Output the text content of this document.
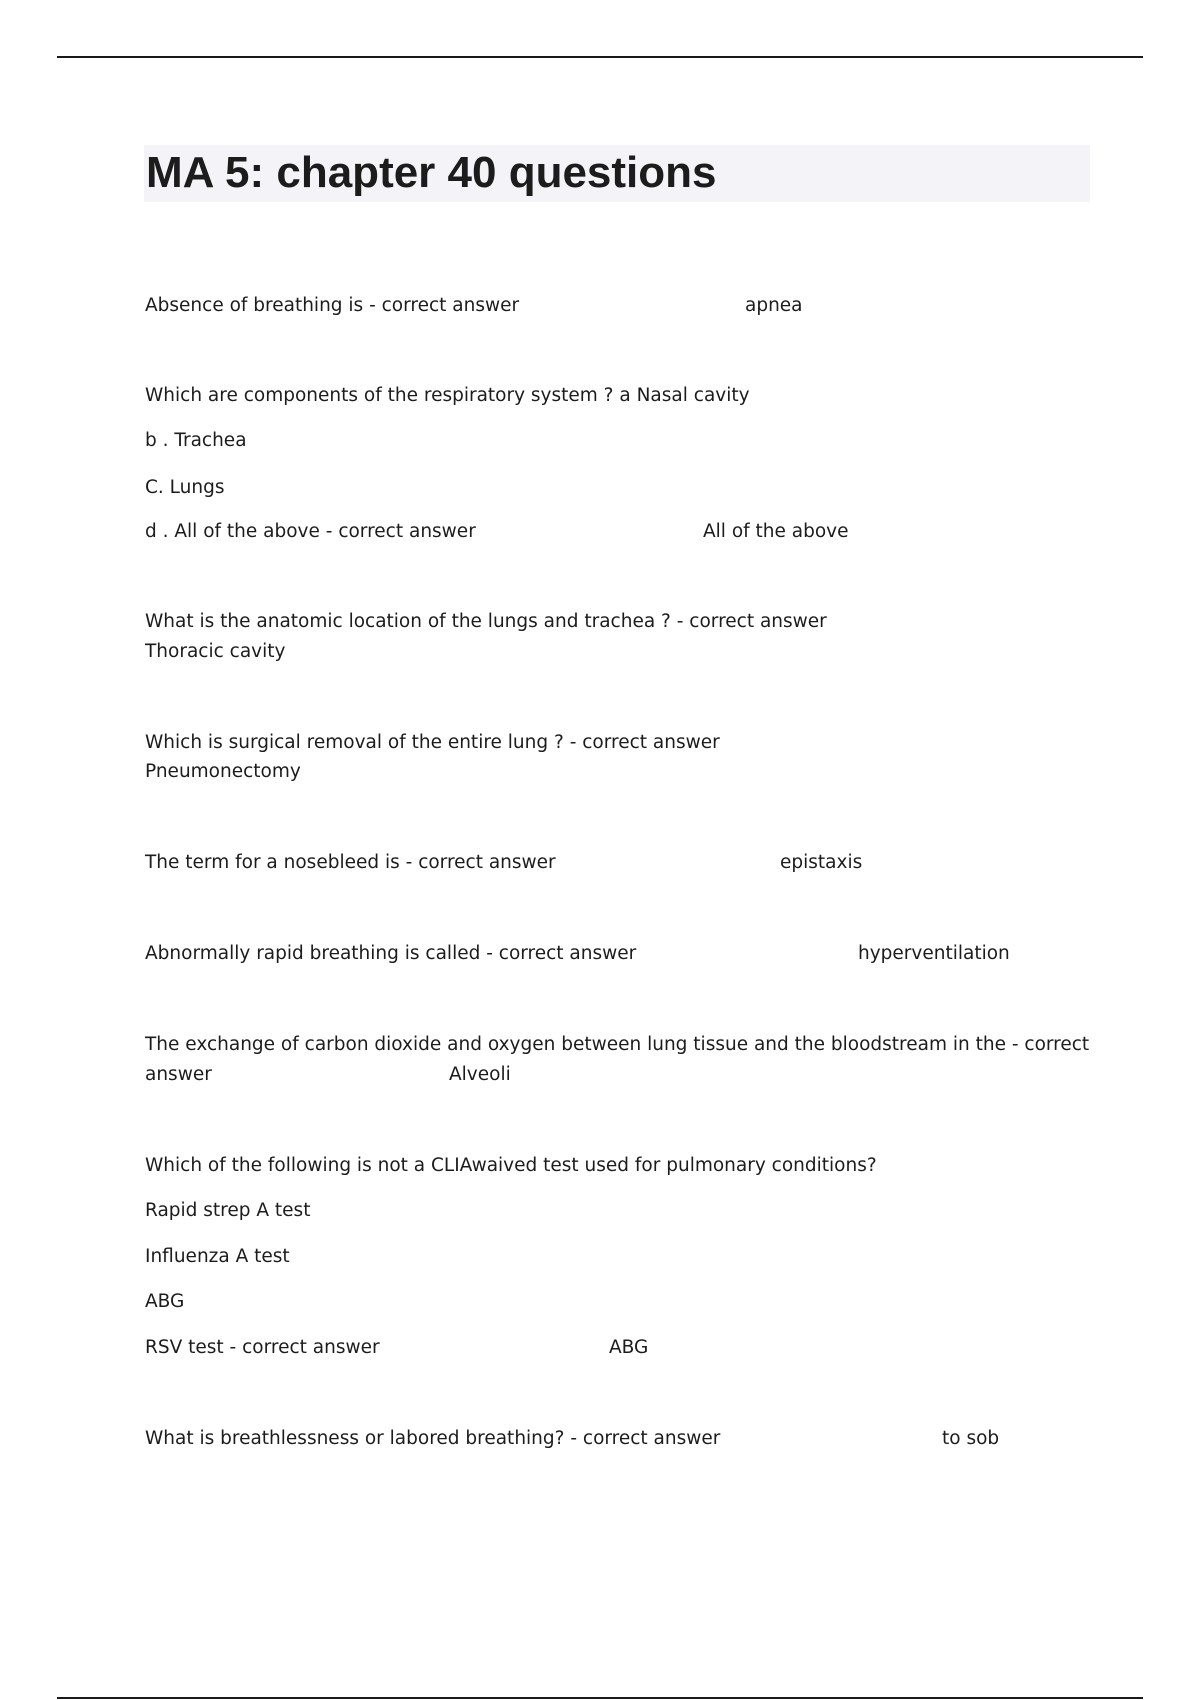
MA 5: chapter 40 questions
Absence of breathing is - correct answer	apnea
Which are components of the respiratory system ? a Nasal cavity
b . Trachea
C. Lungs
d . All of the above - correct answer	All of the above
What is the anatomic location of the lungs and trachea ? - correct answer
Thoracic cavity
Which is surgical removal of the entire lung ? - correct answer
Pneumonectomy
The term for a nosebleed is - correct answer	epistaxis
Abnormally rapid breathing is called - correct answer	hyperventilation
The exchange of carbon dioxide and oxygen between lung tissue and the bloodstream in the - correct
answer	Alveoli
Which of the following is not a CLIAwaived test used for pulmonary conditions?
Rapid strep A test
Influenza A test
ABG
RSV test - correct answer	ABG
What is breathlessness or labored breathing? - correct answer	to sob
